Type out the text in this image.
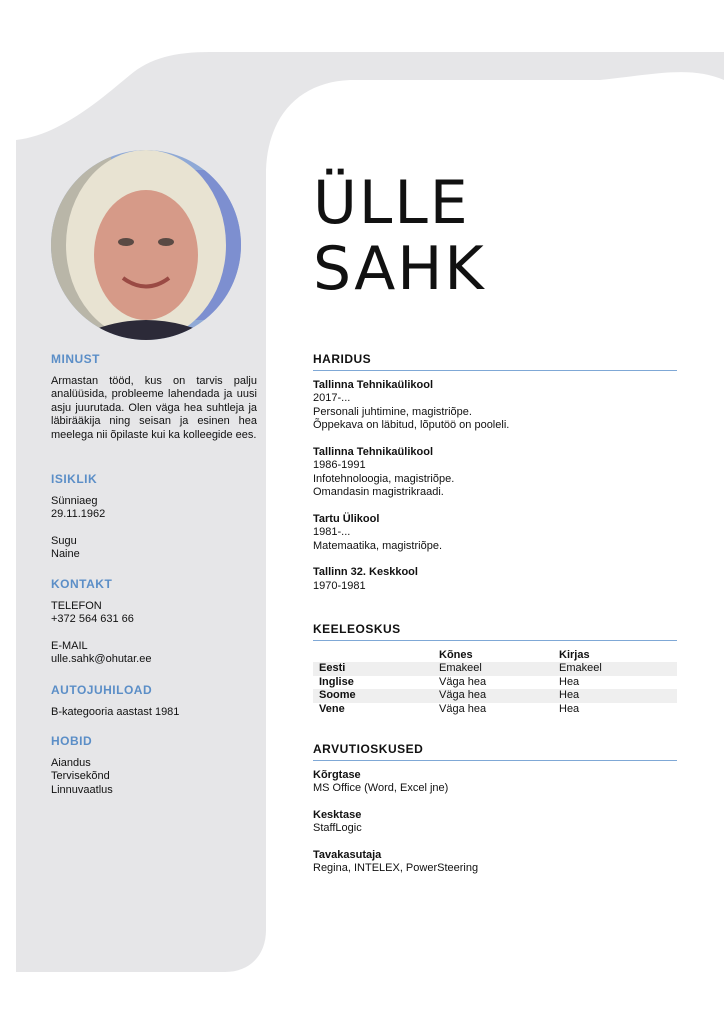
MINUST

Armastan tööd, kus on tarvis palju analüüsida, probleeme lahendada ja uusi asju juurutada. Olen väga hea suhtleja ja läbirääkija ning seisan ja esinen hea meelega nii õpilaste kui ka kolleegide ees.

ISIKLIK

Sünniaeg

29.11.1962

Sugu

Naine

KONTAKT

TELEFON

+372 564 631 66

E-MAIL

ulle.sahk@ohutar.ee

AUTOJUHILOAD

B-kategooria aastast 1981

HOBID

Aiandus

Tervisekõnd

Linnuvaatlus

ÜLLE
SAHK
HARIDUS
Tallinna Tehnikaülikool
2017-...
Personali juhtimine, magistriõpe.
Õppekava on läbitud, lõputöö on pooleli.
Tallinna Tehnikaülikool
1986-1991
Infotehnoloogia, magistriõpe.
Omandasin magistrikraadi.
Tartu Ülikool
1981-...
Matemaatika, magistriõpe.
Tallinn 32. Keskkool
1970-1981
KEELEOSKUS
	Kõnes	Kirjas
Eesti	Emakeel	Emakeel
Inglise	Väga hea	Hea
Soome	Väga hea	Hea
Vene	Väga hea	Hea
ARVUTIOSKUSED
Kõrgtase
MS Office (Word, Excel jne)
Kesktase
StaffLogic
Tavakasutaja
Regina, INTELEX, PowerSteering
